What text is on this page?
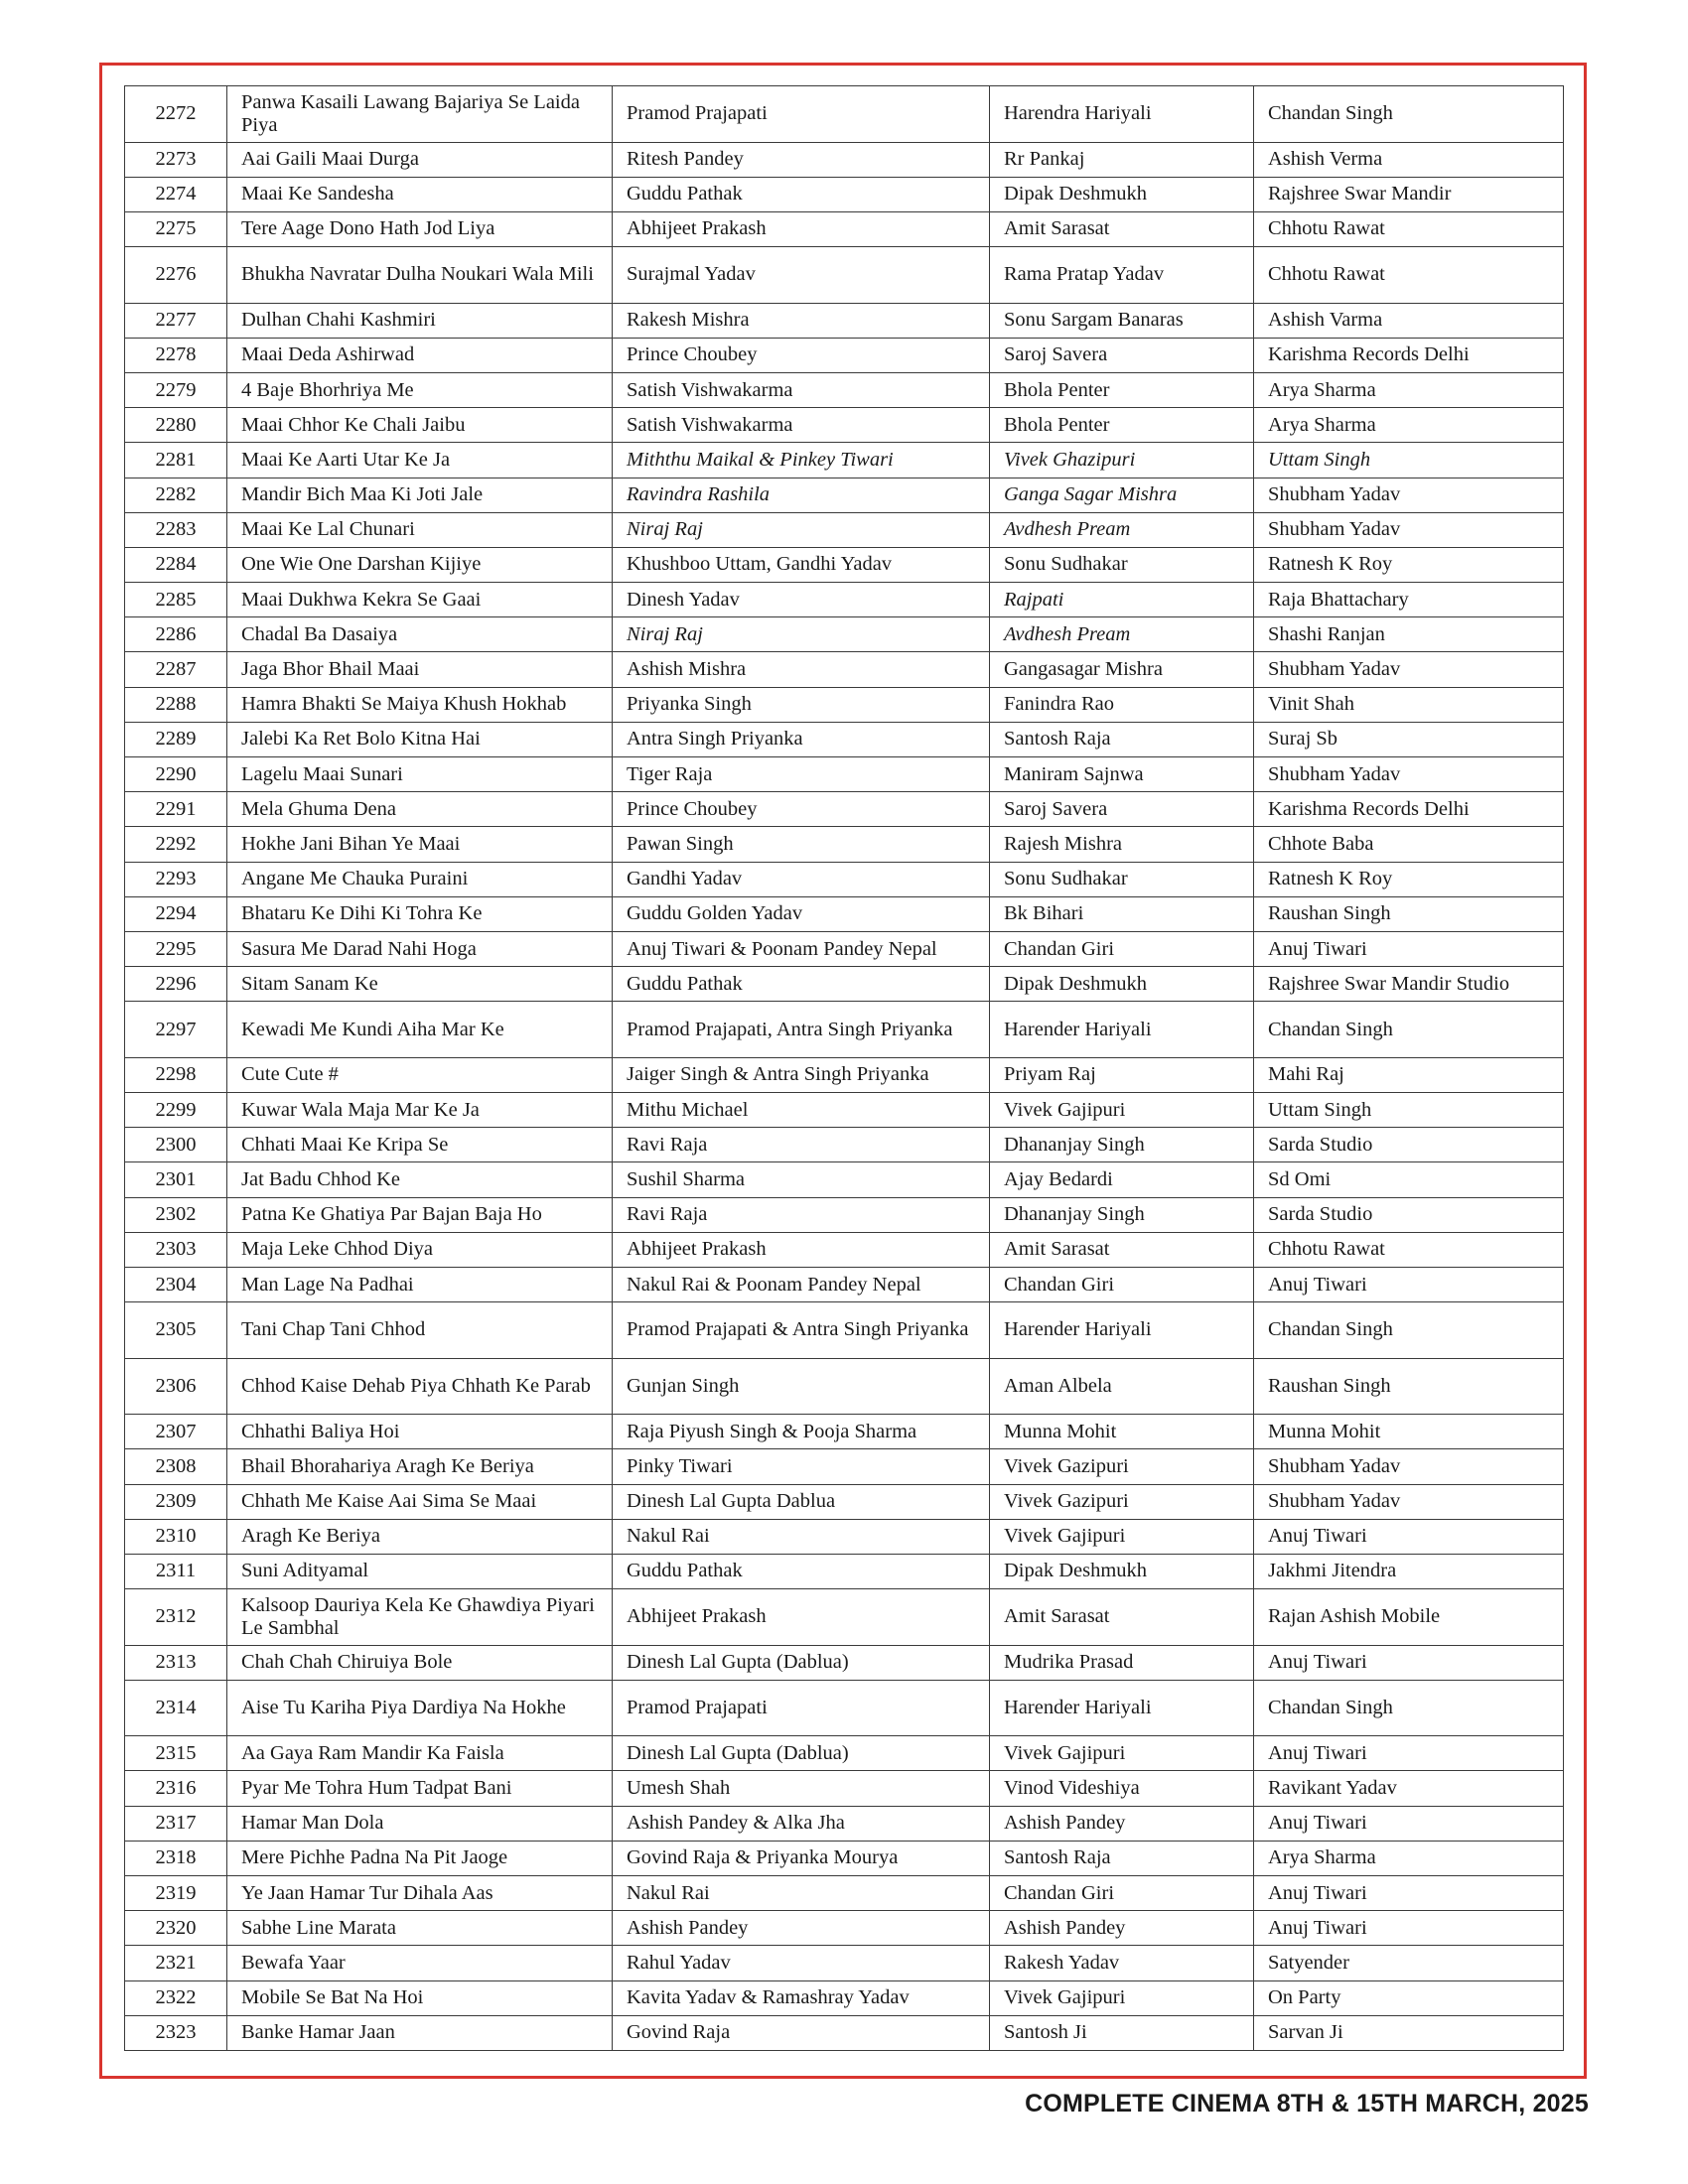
2272	Panwa Kasaili Lawang Bajariya Se Laida Piya	Pramod Prajapati	Harendra Hariyali	Chandan Singh
2273	Aai Gaili Maai Durga	Ritesh Pandey	Rr Pankaj	Ashish Verma
2274	Maai Ke Sandesha	Guddu Pathak	Dipak Deshmukh	Rajshree Swar Mandir
2275	Tere Aage Dono Hath Jod Liya	Abhijeet Prakash	Amit Sarasat	Chhotu Rawat
2276	Bhukha Navratar Dulha Noukari Wala Mili	Surajmal Yadav	Rama Pratap Yadav	Chhotu Rawat
2277	Dulhan Chahi Kashmiri	Rakesh Mishra	Sonu Sargam Banaras	Ashish Varma
2278	Maai Deda Ashirwad	Prince Choubey	Saroj Savera	Karishma Records Delhi
2279	4 Baje Bhorhriya Me	Satish Vishwakarma	Bhola Penter	Arya Sharma
2280	Maai Chhor Ke Chali Jaibu	Satish Vishwakarma	Bhola Penter	Arya Sharma
2281	Maai Ke Aarti Utar Ke Ja	Miththu Maikal & Pinkey Tiwari	Vivek Ghazipuri	Uttam Singh
2282	Mandir Bich Maa Ki Joti Jale	Ravindra Rashila	Ganga Sagar Mishra	Shubham Yadav
2283	Maai Ke Lal Chunari	Niraj Raj	Avdhesh Pream	Shubham Yadav
2284	One Wie One Darshan Kijiye	Khushboo Uttam, Gandhi Yadav	Sonu Sudhakar	Ratnesh K Roy
2285	Maai Dukhwa Kekra Se Gaai	Dinesh Yadav	Rajpati	Raja Bhattachary
2286	Chadal Ba Dasaiya	Niraj Raj	Avdhesh Pream	Shashi Ranjan
2287	Jaga Bhor Bhail Maai	Ashish Mishra	Gangasagar Mishra	Shubham Yadav
2288	Hamra Bhakti Se Maiya Khush Hokhab	Priyanka Singh	Fanindra Rao	Vinit Shah
2289	Jalebi Ka Ret Bolo Kitna Hai	Antra Singh Priyanka	Santosh Raja	Suraj Sb
2290	Lagelu Maai Sunari	Tiger Raja	Maniram Sajnwa	Shubham Yadav
2291	Mela Ghuma Dena	Prince Choubey	Saroj Savera	Karishma Records Delhi
2292	Hokhe Jani Bihan Ye Maai	Pawan Singh	Rajesh Mishra	Chhote Baba
2293	Angane Me Chauka Puraini	Gandhi Yadav	Sonu Sudhakar	Ratnesh K Roy
2294	Bhataru Ke Dihi Ki Tohra Ke	Guddu Golden Yadav	Bk Bihari	Raushan Singh
2295	Sasura Me Darad Nahi Hoga	Anuj Tiwari & Poonam Pandey Nepal	Chandan Giri	Anuj Tiwari
2296	Sitam Sanam Ke	Guddu Pathak	Dipak Deshmukh	Rajshree Swar Mandir Studio
2297	Kewadi Me Kundi Aiha Mar Ke	Pramod Prajapati, Antra Singh Priyanka	Harender Hariyali	Chandan Singh
2298	Cute Cute #	Jaiger Singh & Antra Singh Priyanka	Priyam Raj	Mahi Raj
2299	Kuwar Wala Maja Mar Ke Ja	Mithu Michael	Vivek Gajipuri	Uttam Singh
2300	Chhati Maai Ke Kripa Se	Ravi Raja	Dhananjay Singh	Sarda Studio
2301	Jat Badu Chhod Ke	Sushil Sharma	Ajay Bedardi	Sd Omi
2302	Patna Ke Ghatiya Par Bajan Baja Ho	Ravi Raja	Dhananjay Singh	Sarda Studio
2303	Maja Leke Chhod Diya	Abhijeet Prakash	Amit Sarasat	Chhotu Rawat
2304	Man Lage Na Padhai	Nakul Rai & Poonam Pandey Nepal	Chandan Giri	Anuj Tiwari
2305	Tani Chap Tani Chhod	Pramod Prajapati & Antra Singh Priyanka	Harender Hariyali	Chandan Singh
2306	Chhod Kaise Dehab Piya Chhath Ke Parab	Gunjan Singh	Aman Albela	Raushan Singh
2307	Chhathi Baliya Hoi	Raja Piyush Singh & Pooja Sharma	Munna Mohit	Munna Mohit
2308	Bhail Bhorahariya Aragh Ke Beriya	Pinky Tiwari	Vivek Gazipuri	Shubham Yadav
2309	Chhath Me Kaise Aai Sima Se Maai	Dinesh Lal Gupta Dablua	Vivek Gazipuri	Shubham Yadav
2310	Aragh Ke Beriya	Nakul Rai	Vivek Gajipuri	Anuj Tiwari
2311	Suni Adityamal	Guddu Pathak	Dipak Deshmukh	Jakhmi Jitendra
2312	Kalsoop Dauriya Kela Ke Ghawdiya Piyari Le Sambhal	Abhijeet Prakash	Amit Sarasat	Rajan Ashish Mobile
2313	Chah Chah Chiruiya Bole	Dinesh Lal Gupta (Dablua)	Mudrika Prasad	Anuj Tiwari
2314	Aise Tu Kariha Piya Dardiya Na Hokhe	Pramod Prajapati	Harender Hariyali	Chandan Singh
2315	Aa Gaya Ram Mandir Ka Faisla	Dinesh Lal Gupta (Dablua)	Vivek Gajipuri	Anuj Tiwari
2316	Pyar Me Tohra Hum Tadpat Bani	Umesh Shah	Vinod Videshiya	Ravikant Yadav
2317	Hamar Man Dola	Ashish Pandey & Alka Jha	Ashish Pandey	Anuj Tiwari
2318	Mere Pichhe Padna Na Pit Jaoge	Govind Raja & Priyanka Mourya	Santosh Raja	Arya Sharma
2319	Ye Jaan Hamar Tur Dihala Aas	Nakul Rai	Chandan Giri	Anuj Tiwari
2320	Sabhe Line Marata	Ashish Pandey	Ashish Pandey	Anuj Tiwari
2321	Bewafa Yaar	Rahul Yadav	Rakesh Yadav	Satyender
2322	Mobile Se Bat Na Hoi	Kavita Yadav & Ramashray Yadav	Vivek Gajipuri	On Party
2323	Banke Hamar Jaan	Govind Raja	Santosh Ji	Sarvan Ji
COMPLETE CINEMA 8TH & 15TH MARCH, 2025
